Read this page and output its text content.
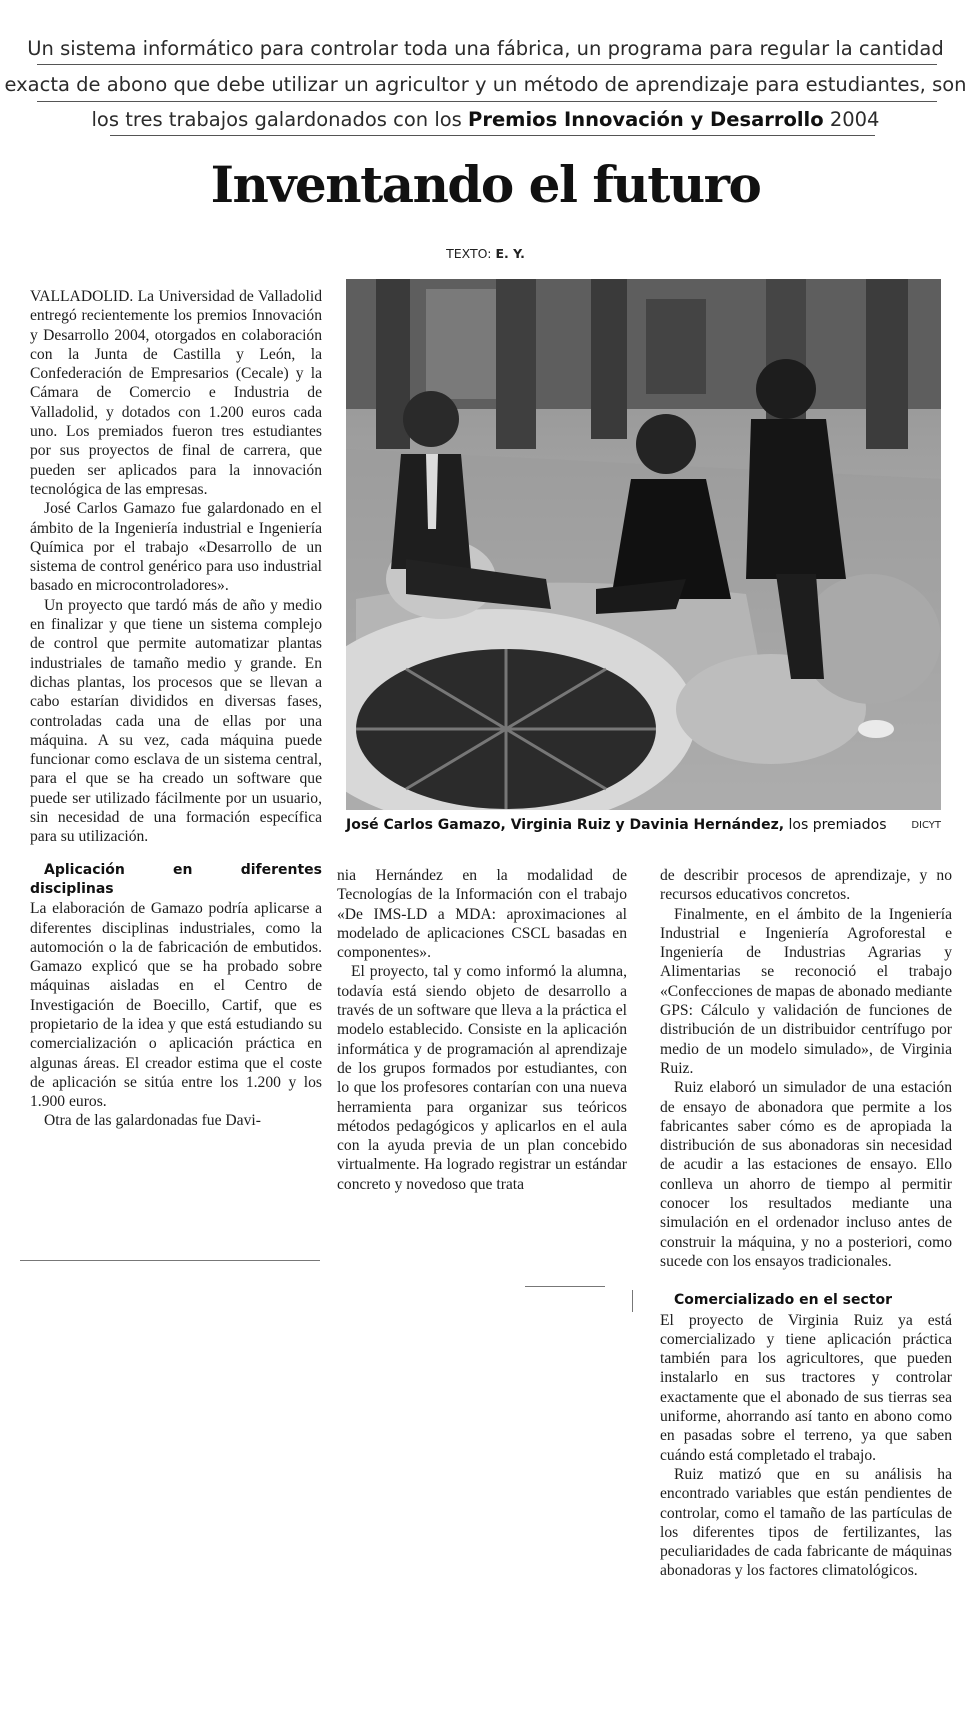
Un sistema informático para controlar toda una fábrica, un programa para regular la cantidad
exacta de abono que debe utilizar un agricultor y un método de aprendizaje para estudiantes, son
los tres trabajos galardonados con los Premios Innovación y Desarrollo 2004
Inventando el futuro
TEXTO: E. Y.

VALLADOLID. La Universidad de Valladolid entregó recientemente los premios Innovación y Desarrollo 2004, otorgados en colaboración con la Junta de Castilla y León, la Confederación de Empresarios (Cecale) y la Cámara de Comercio e Industria de Valladolid, y dotados con 1.200 euros cada uno. Los premiados fueron tres estudiantes por sus proyectos de final de carrera, que pueden ser aplicados para la innovación tecnológica de las empresas.

José Carlos Gamazo fue galardonado en el ámbito de la Ingeniería industrial e Ingeniería Química por el trabajo «Desarrollo de un sistema de control genérico para uso industrial basado en microcontroladores».

Un proyecto que tardó más de año y medio en finalizar y que tiene un sistema complejo de control que permite automatizar plantas industriales de tamaño medio y grande. En dichas plantas, los procesos que se llevan a cabo estarían divididos en diversas fases, controladas cada una de ellas por una máquina. A su vez, cada máquina puede funcionar como esclava de un sistema central, para el que se ha creado un software que puede ser utilizado fácilmente por un usuario, sin necesidad de una formación específica para su utilización.

Aplicación en diferentes disciplinas

La elaboración de Gamazo podría aplicarse a diferentes disciplinas industriales, como la automoción o la de fabricación de embutidos. Gamazo explicó que se ha probado sobre máquinas aisladas en el Centro de Investigación de Boecillo, Cartif, que es propietario de la idea y que está estudiando su comercialización o aplicación práctica en algunas áreas. El creador estima que el coste de aplicación se sitúa entre los 1.200 y los 1.900 euros.

Otra de las galardonadas fue Davi-

José Carlos Gamazo, Virginia Ruiz y Davinia Hernández, los premiados	DICYT

nia Hernández en la modalidad de Tecnologías de la Información con el trabajo «De IMS-LD a MDA: aproximaciones al modelado de aplicaciones CSCL basadas en componentes».

El proyecto, tal y como informó la alumna, todavía está siendo objeto de desarrollo a través de un software que lleva a la práctica el modelo establecido. Consiste en la aplicación informática y de programación al aprendizaje de los grupos formados por estudiantes, con lo que los profesores contarían con una nueva herramienta para organizar sus teóricos métodos pedagógicos y aplicarlos en el aula con la ayuda previa de un plan concebido virtualmente. Ha logrado registrar un estándar concreto y novedoso que trata

de describir procesos de aprendizaje, y no recursos educativos concretos.

Finalmente, en el ámbito de la Ingeniería Industrial e Ingeniería Agroforestal e Ingeniería de Industrias Agrarias y Alimentarias se reconoció el trabajo «Confecciones de mapas de abonado mediante GPS: Cálculo y validación de funciones de distribución de un distribuidor centrífugo por medio de un modelo simulado», de Virginia Ruiz.

Ruiz elaboró un simulador de una estación de ensayo de abonadora que permite a los fabricantes saber cómo es de apropiada la distribución de sus abonadoras sin necesidad de acudir a las estaciones de ensayo. Ello conlleva un ahorro de tiempo al permitir conocer los resultados mediante una simulación en el ordenador incluso antes de construir la máquina, y no a posteriori, como sucede con los ensayos tradicionales.

Comercializado en el sector

El proyecto de Virginia Ruiz ya está comercializado y tiene aplicación práctica también para los agricultores, que pueden instalarlo en sus tractores y controlar exactamente que el abonado de sus tierras sea uniforme, ahorrando así tanto en abono como en pasadas sobre el terreno, ya que saben cuándo está completado el trabajo.

Ruiz matizó que en su análisis ha encontrado variables que están pendientes de controlar, como el tamaño de las partículas de los diferentes tipos de fertilizantes, las peculiaridades de cada fabricante de máquinas abonadoras y los factores climatológicos.
